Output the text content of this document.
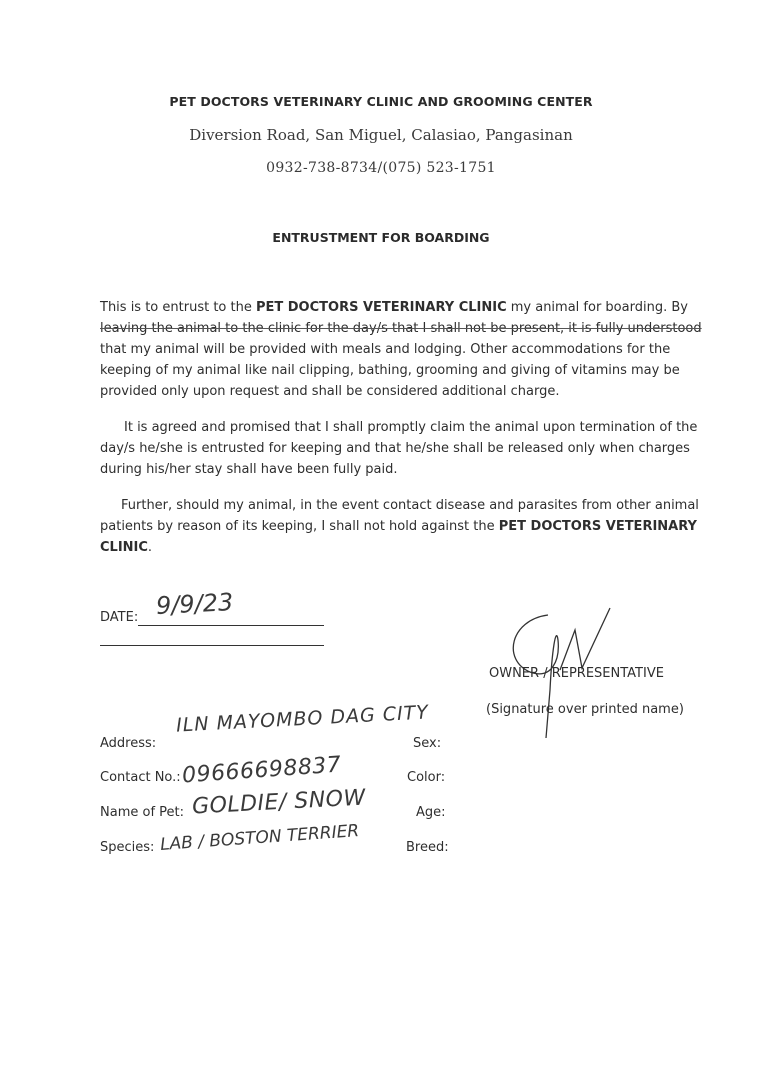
PET DOCTORS VETERINARY CLINIC AND GROOMING CENTER
Diversion Road, San Miguel, Calasiao, Pangasinan
0932-738-8734/(075) 523-1751
ENTRUSTMENT FOR BOARDING
This is to entrust to the PET DOCTORS VETERINARY CLINIC my animal for boarding. By
leaving the animal to the clinic for the day/s that I shall not be present, it is fully understood
that my animal will be provided with meals and lodging. Other accommodations for the
keeping of my animal like nail clipping, bathing, grooming and giving of vitamins may be
provided only upon request and shall be considered additional charge.
It is agreed and promised that I shall promptly claim the animal upon termination of the
day/s he/she is entrusted for keeping and that he/she shall be released only when charges
during his/her stay shall have been fully paid.
Further, should my animal, in the event contact disease and parasites from other animal
patients by reason of its keeping, I shall not hold against the PET DOCTORS VETERINARY
CLINIC.
DATE: 9/9/23
OWNER / REPRESENTATIVE
(Signature over printed name)
Address:
ILN MAYOMBO DAG CITY
Contact No.: 09666698837
Name of Pet: GOLDIE/ SNOW
Species: LAB / BOSTON TERRIER
Sex:
Color:
Age:
Breed:
